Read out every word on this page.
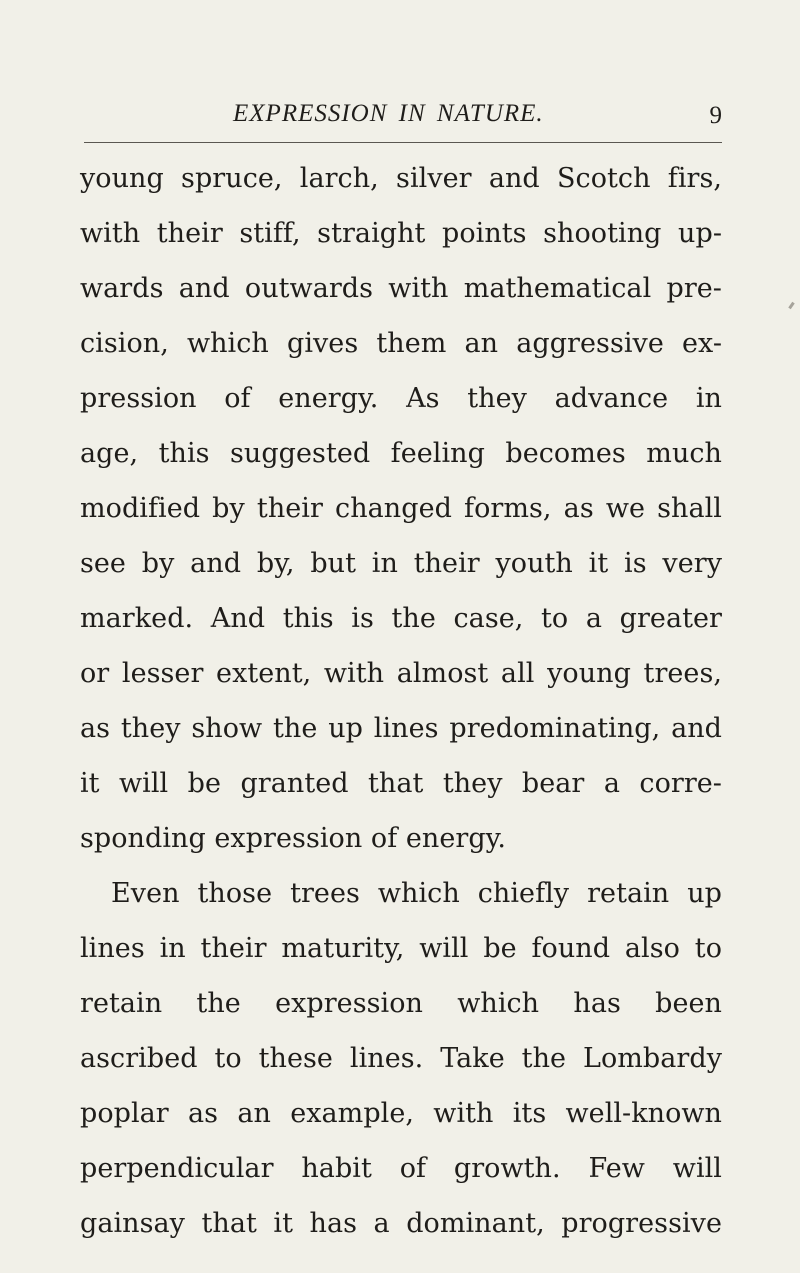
EXPRESSION IN NATURE.	9
young spruce, larch, silver and Scotch firs,
with their stiff, straight points shooting up-
wards and outwards with mathematical pre-
cision, which gives them an aggressive ex-
pression of energy. As they advance in
age, this suggested feeling becomes much
modified by their changed forms, as we shall
see by and by, but in their youth it is very
marked. And this is the case, to a greater
or lesser extent, with almost all young trees,
as they show the up lines predominating, and
it will be granted that they bear a corre-
sponding expression of energy.
Even those trees which chiefly retain up
lines in their maturity, will be found also to
retain the expression which has been
ascribed to these lines. Take the Lombardy
poplar as an example, with its well-known
perpendicular habit of growth. Few will
gainsay that it has a dominant, progressive
